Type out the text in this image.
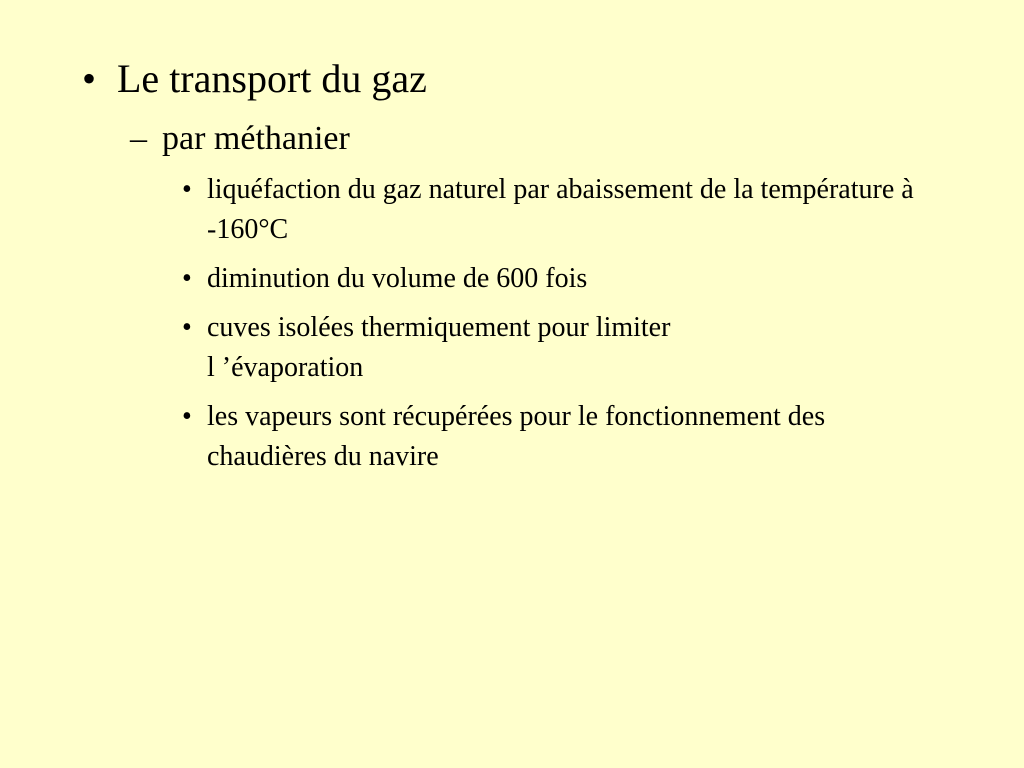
• Le transport du gaz
– par méthanier
• liquéfaction du gaz naturel par abaissement de la température à -160°C
• diminution du volume de 600 fois
• cuves isolées thermiquement pour limiter
l ’évaporation
• les vapeurs sont récupérées pour le fonctionnement des chaudières du navire
